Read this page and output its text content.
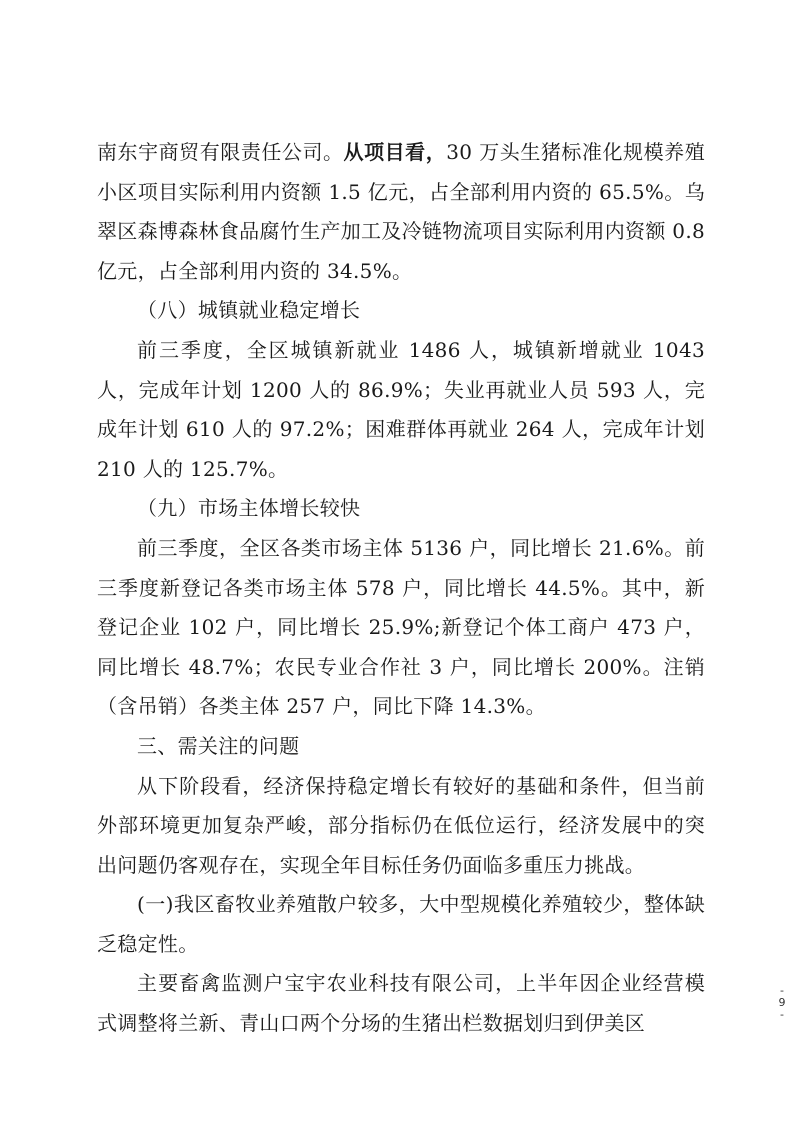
南东宇商贸有限责任公司。从项目看，30 万头生猪标准化规模养殖小区项目实际利用内资额 1.5 亿元，占全部利用内资的 65.5%。乌翠区森博森林食品腐竹生产加工及冷链物流项目实际利用内资额 0.8 亿元，占全部利用内资的 34.5%。

（八）城镇就业稳定增长

前三季度，全区城镇新就业 1486 人，城镇新增就业 1043 人，完成年计划 1200 人的 86.9%；失业再就业人员 593 人，完成年计划 610 人的 97.2%；困难群体再就业 264 人，完成年计划 210 人的 125.7%。

（九）市场主体增长较快

前三季度，全区各类市场主体 5136 户，同比增长 21.6%。前三季度新登记各类市场主体 578 户，同比增长 44.5%。其中，新登记企业 102 户，同比增长 25.9%;新登记个体工商户 473 户，同比增长 48.7%；农民专业合作社 3 户，同比增长 200%。注销（含吊销）各类主体 257 户，同比下降 14.3%。

三、需关注的问题

从下阶段看，经济保持稳定增长有较好的基础和条件，但当前外部环境更加复杂严峻，部分指标仍在低位运行，经济发展中的突出问题仍客观存在，实现全年目标任务仍面临多重压力挑战。

(一)我区畜牧业养殖散户较多，大中型规模化养殖较少，整体缺乏稳定性。

主要畜禽监测户宝宇农业科技有限公司，上半年因企业经营模式调整将兰新、青山口两个分场的生猪出栏数据划归到伊美区

-
9
-
